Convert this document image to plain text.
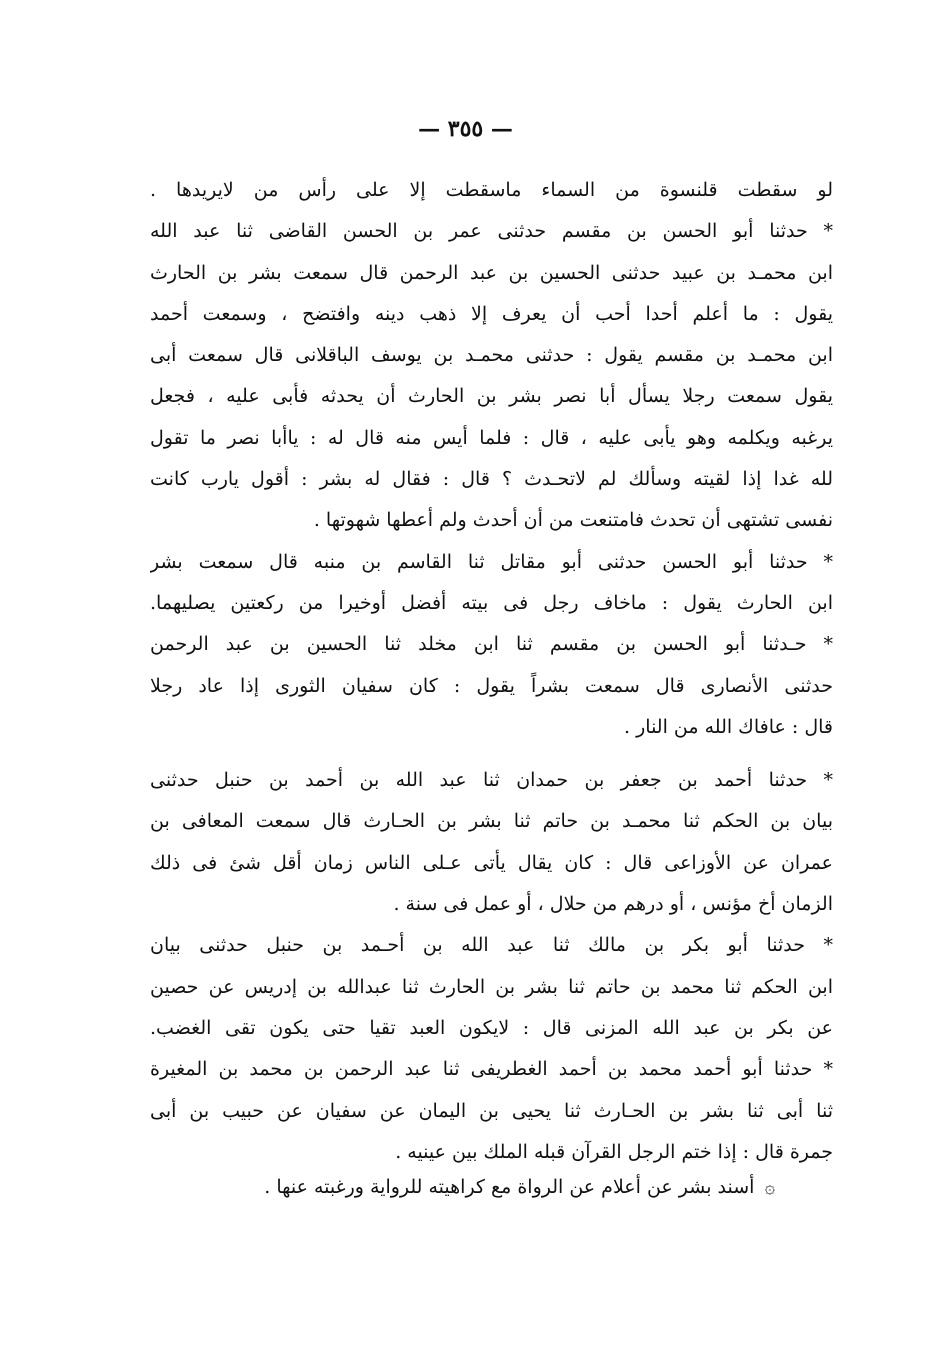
— ٣٥٥ —
لو سقطت قلنسوة من السماء ماسقطت إلا على رأس من لايريدها .
* حدثنا أبو الحسن بن مقسم حدثنى عمر بن الحسن القاضى ثنا عبد الله
ابن محمـد بن عبيد حدثنى الحسين بن عبد الرحمن قال سمعت بشر بن الحارث
يقول : ما أعلم أحدا أحب أن يعرف إلا ذهب دينه وافتضح ، وسمعت أحمد
ابن محمـد بن مقسم يقول : حدثنى محمـد بن يوسف الباقلانى قال سمعت أبى
يقول سمعت رجلا يسأل أبا نصر بشر بن الحارث أن يحدثه فأبى عليه ، فجعل
يرغبه ويكلمه وهو يأبى عليه ، قال : فلما أيس منه قال له : ياأبا نصر ما تقول
لله غدا إذا لقيته وسألك لم لاتحـدث ؟ قال : فقال له بشر : أقول يارب كانت
نفسى تشتهى أن تحدث فامتنعت من أن أحدث ولم أعطها شهوتها .
* حدثنا أبو الحسن حدثنى أبو مقاتل ثنا القاسم بن منبه قال سمعت بشر
ابن الحارث يقول : ماخاف رجل فى بيته أفضل أوخيرا من ركعتين يصليهما.
* حـدثنا أبو الحسن بن مقسم ثنا ابن مخلد ثنا الحسين بن عبد الرحمن
حدثنى الأنصارى قال سمعت بشراً يقول : كان سفيان الثورى إذا عاد رجلا
قال : عافاك الله من النار .
* حدثنا أحمد بن جعفر بن حمدان ثنا عبد الله بن أحمد بن حنبل حدثنى
بيان بن الحكم ثنا محمـد بن حاتم ثنا بشر بن الحـارث قال سمعت المعافى بن
عمران عن الأوزاعى قال : كان يقال يأتى عـلى الناس زمان أقل شئ فى ذلك
الزمان أخ مؤنس ، أو درهم من حلال ، أو عمل فى سنة .
* حدثنا أبو بكر بن مالك ثنا عبد الله بن أحـمد بن حنبل حدثنى بيان
ابن الحكم ثنا محمد بن حاتم ثنا بشر بن الحارث ثنا عبدالله بن إدريس عن حصين
عن بكر بن عبد الله المزنى قال : لايكون العبد تقيا حتى يكون تقى الغضب.
* حدثنا أبو أحمد محمد بن أحمد الغطريفى ثنا عبد الرحمن بن محمد بن المغيرة
ثنا أبى ثنا بشر بن الحـارث ثنا يحيى بن اليمان عن سفيان عن حبيب بن أبى
جمرة قال : إذا ختم الرجل القرآن قبله الملك بين عينيه .
۞أسند بشر عن أعلام عن الرواة مع كراهيته للرواية ورغبته عنها .
